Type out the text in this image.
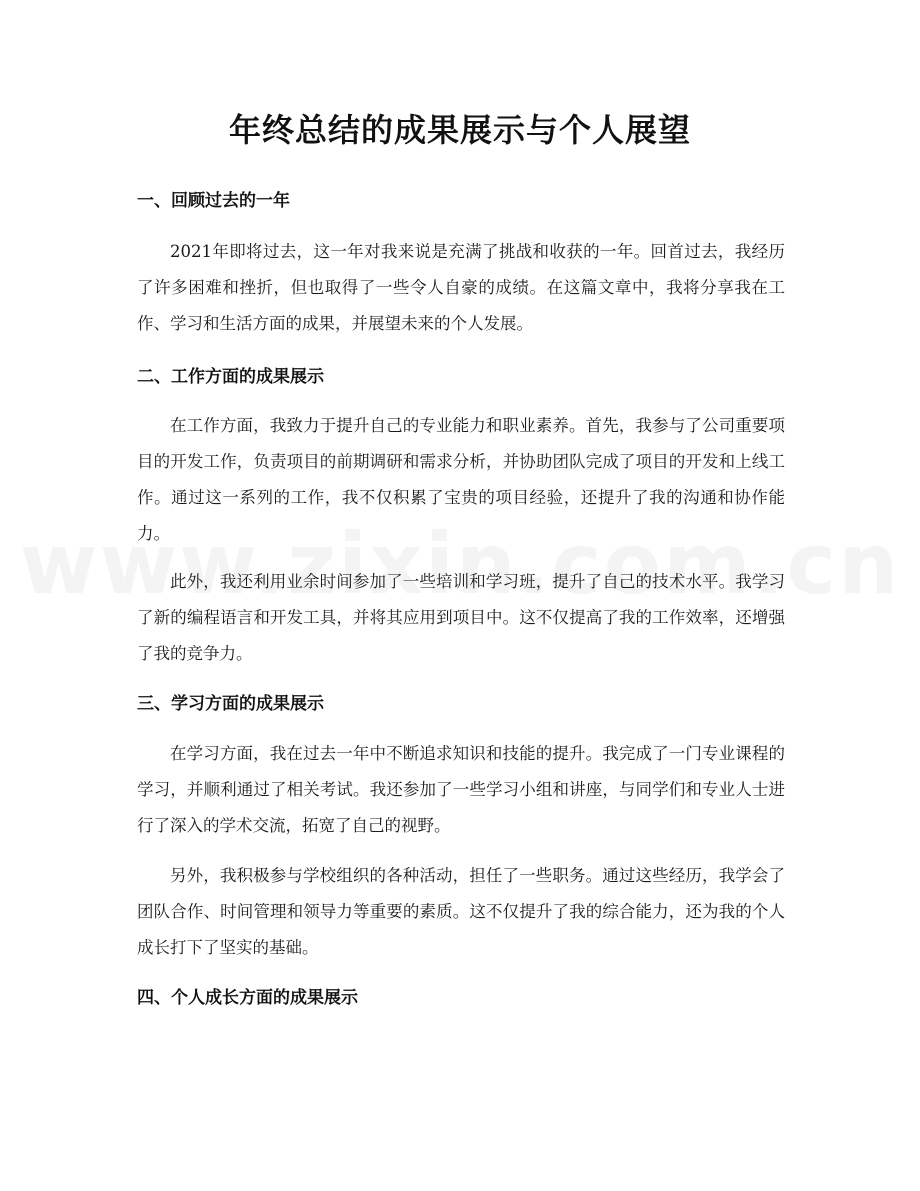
年终总结的成果展示与个人展望
一、回顾过去的一年

2021年即将过去，这一年对我来说是充满了挑战和收获的一年。回首过去，我经历了许多困难和挫折，但也取得了一些令人自豪的成绩。在这篇文章中，我将分享我在工作、学习和生活方面的成果，并展望未来的个人发展。

二、工作方面的成果展示

在工作方面，我致力于提升自己的专业能力和职业素养。首先，我参与了公司重要项目的开发工作，负责项目的前期调研和需求分析，并协助团队完成了项目的开发和上线工作。通过这一系列的工作，我不仅积累了宝贵的项目经验，还提升了我的沟通和协作能力。

此外，我还利用业余时间参加了一些培训和学习班，提升了自己的技术水平。我学习了新的编程语言和开发工具，并将其应用到项目中。这不仅提高了我的工作效率，还增强了我的竞争力。

三、学习方面的成果展示

在学习方面，我在过去一年中不断追求知识和技能的提升。我完成了一门专业课程的学习，并顺利通过了相关考试。我还参加了一些学习小组和讲座，与同学们和专业人士进行了深入的学术交流，拓宽了自己的视野。

另外，我积极参与学校组织的各种活动，担任了一些职务。通过这些经历，我学会了团队合作、时间管理和领导力等重要的素质。这不仅提升了我的综合能力，还为我的个人成长打下了坚实的基础。

四、个人成长方面的成果展示
